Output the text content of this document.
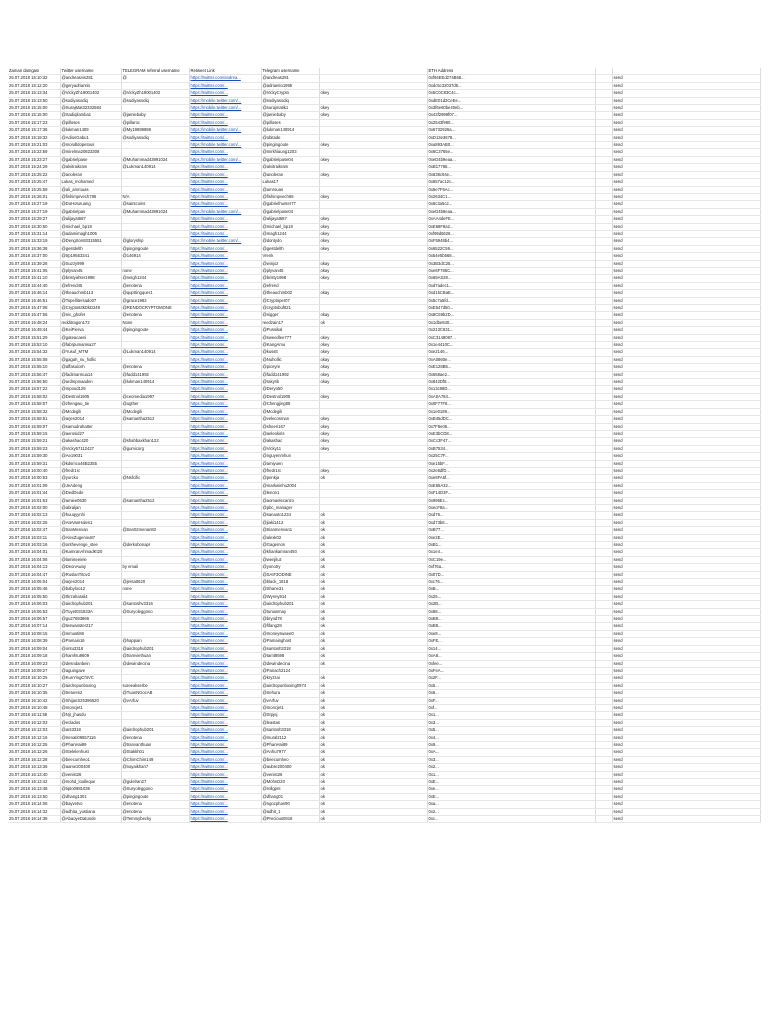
Zaman damgası	Twitter username	TELEGRAM referral username	Retweet Link	Telegram username		ETH Address		
25.07.2018 15:10:32	@andreasvis281	@	https://twitter.com/andrea...	@andreas281		0xf94EEd274B68...		send
25.07.2018 15:12:20	@geryadriantio		https://twitter.com/...	@adriantio1995		0xdc5c32037d5...		send
25.07.2018 15:13:34	@VickyZh19001402	@VickyZh19001402	https://twitter.com/...	@VickyCrypto	okey	0x5C0C83C4c...		send
25.07.2018 15:13:50	@sodiyasodiq	@sodiyasodiq	https://mobile.twitter.com/...	@sodiyasodiq		0xdE01d2CeEe...		send
25.07.2018 15:15:00	@SurajMat32332584		https://mobile.twitter.com/...	@surajmatik1	okey	0x3f6e60be40eb...		send
25.07.2018 15:15:00	@Sadiqilamba1	@jamiebaby	https://twitter.com/...	@jamiebaby	okey	0x43f2999f07...		send
25.07.2018 15:17:23	@pilloses	@pillaroc	https://twitter.com/...	@pilloses		0x2543f980...		send
25.07.2018 15:17:36	@lukman1409	@My19889898	https://mobile.twitter.com/...	@lukman140914		0x6732926a...		send
25.07.2018 15:19:32	@AdiosGabu1	@sodiyasodiq	https://twitter.com/...	@obitade		0xD13e3678...		send
25.07.2018 15:21:03	@mondldopetous		https://mobile.twitter.com/...	@pingingoute	okey	0xa893AB0...		send
25.07.2018 15:22:59	@mirelma20823308		https://twitter.com/...	@mirkhiaung1203		0x6C3765e...		send
25.07.2018 15:23:27	@gabrielpase	@Muhammad43991024	https://mobile.twitter.com/...	@gabrielpase04	okey	0xeD4b9eaa...		send
25.07.2018 15:24:29	@alvitraikram	@Lukman140914	https://twitter.com/...	@alvitraikram		0xB17785...		send
25.07.2018 15:25:22	@anoleran		https://twitter.com/...	@anoleran	okey	0x638c94e...		send
25.07.2018 15:25:47	Lukas_mohamed		https://twitter.com/...	Lukas17		0x657ac12c...		send
25.07.2018 15:25:59	@ali_amrouas		https://twitter.com/...	@amrouas		0x5e7F5Ac...		send
25.07.2018 15:26:01	@fishimprvech785	N/A	https://twitter.com/...	@fishimpvech65	okey	0x2634C1...		send
25.07.2018 15:27:19	@DuHoturuang	@saintcoins	https://twitter.com/...	@gabrielhunter77		0x6c3a5c2...		send
25.07.2018 15:27:19	@gabrielpas	@Muhammad43991024	https://mobile.twitter.com/...	@gabrielpase04		0xeD4b9eaa...		send
25.07.2018 15:29:27	@alijayat687		https://twitter.com/...	@alijayat687	okey	0xAA4deFE...		send
25.07.2018 15:30:50	@michael_bp18		https://twitter.com/...	@michael_bp18	okey	0xE68F8a2...		send
25.07.2018 15:31:14	@adamimagh1005		https://twitter.com/...	@magh1244	okey	0xf99d6626...		send
25.07.2018 15:33:19	@DengSon83315551	@gloryship	https://mobile.twitter.com/...	@dontydo	okey	0xF5948b4...		send
25.07.2018 15:36:38	@gestdelth	@pingingoute	https://twitter.com/...	@gestdelth	okey	0x6522C59...		send
25.07.2018 15:37:00	@trp19553341	@146914	https://twitter.com/...	Vrenk		0x54e5b568...		send
25.07.2018 15:39:26	@Suzzy999		https://twitter.com/...	@winjoz	okay	0x3B3dC25...		send
25.07.2018 15:41:05	@plyvan45	none	https://twitter.com/...	@plyvan45	okay	0xe6F785C...		send
25.07.2018 15:41:10	@bristyahter1998	@neigh1244	https://twitter.com/...	@bristy1998	okey	0x69AS28...		send
25.07.2018 15:44:40	@efrend45	@enotena	https://twitter.com/...	@efrend		0xd7adec1...		send
25.07.2018 15:46:14	@theauchmb113	@quprtingquer1	https://twitter.com/...	@theauchmb02	okay	0xd15CBaE...		send
25.07.2018 15:46:51	@Topellitersado07	@grace1982	https://twitter.com/...	@Cryptoper07		0x5c7a5fd...		send
25.07.2018 15:47:08	@Crypto63kDkD249	@RENDOCRYPTOMONE	https://twitter.com/...	@cryptobuf821		0xE547d50...		send
25.07.2018 15:47:56	@nic_ghofer	@enotena	https://twitter.com/...	@nigger	okay	0x8C59b2D...		send
25.07.2018 15:48:24	redditragon172	None	https://twitter.com/...	reedzain17	ok	0x1dbe840...		send
25.07.2018 15:49:44	@KeiPierva	@pingingoute	https://twitter.com/...	@Pussikal		0x213C631...		send
25.07.2018 15:51:29	@gateacaeni		https://twitter.com/...	@sweedlee777	okey	0xC3148087...		send
25.07.2018 15:53:10	@fabrpumamsa27		https://twitter.com/...	@KangAmu	okey	0x1e4410C...		send
25.07.2018 15:54:32	@Yusuf_MTM	@Lukman140914	https://twitter.com/...	@kusstt	okey	0xe2146...		send
25.07.2018 15:55:08	@gagah_nu_hollic		https://twitter.com/...	@Nuhollic	okay	0xA0860e...		send
25.07.2018 15:55:10	@affasuiceh	@enotena	https://twitter.com/...	@piceyre	okay	0xE128B5...		send
25.07.2018 15:56:47	@fadimarmua14	@fadd141992	https://twitter.com/...	@fadd141992	okey	0x658ae2...		send
25.07.2018 15:56:50	@ardmpmaaden	@lukman140914	https://twitter.com/...	@rakyrik	okay	0x842Df8...		send
25.07.2018 15:57:22	@mpood129		https://twitter.com/...	@Deryo50		0x13c98D...		send
25.07.2018 15:58:02	@Destnol1905	@ceomedia1997	https://twitter.com/...	@Destnol1905	okey	0xA0A784...		send
25.07.2018 15:58:07	@zhengwu_tie	@ugther	https://twitter.com/...	@Chengjing88		0x0F77F6...		send
25.07.2018 15:58:32	@Mcdegili	@Mcdegili	https://twitter.com/...	@Mcdegili		0x1e0189...		send
25.07.2018 15:58:51	@arjen2014	@samantha2512	https://twitter.com/...	@velecosman	okey	0xB45dDC...		send
25.07.2018 15:59:07	@samudrahatter		https://twitter.com/...	@sheeri167	okey	0x7F8e06...		send
25.07.2018 15:59:15	@aerosid27		https://twitter.com/...	@aeleokiris	okey	0xE3bCD8...		send
25.07.2018 15:59:21	@akashac420	@shahbaxkhan122	https://twitter.com/...	@akashac	okey	0xCc3F47...		send
25.07.2018 15:59:23	@Vicky57112427	@gumicorg	https://twitter.com/...	@Vicky11	okey	0xB7534...		send
25.07.2018 15:59:30	@Ae19031		https://twitter.com/...	@nguyenmhun		0x25C7F...		send
25.07.2018 15:59:31	@kdsmco46B2355		https://twitter.com/...	@amiyuen		0xe15bF...		send
25.07.2018 16:00:40	@fredr1rc		https://twitter.com/...	@fredr1rc	okey	0x2e8dfD...		send
25.07.2018 16:00:53	@yurcko	@Nsfcific	https://twitter.com/...	@penkja	ok	0xe8FA5f...		send
25.07.2018 16:01:09	@JeAdeng		https://twitter.com/...	@markwinhu2004		0xE65A32...		send
25.07.2018 16:01:44	@DedDede		https://twitter.com/...	@lenon1		0xF14D3F...		send
25.07.2018 16:01:53	@amiee0630	@samantha2512	https://twitter.com/...	@aomaelecarizo		0x996Ec...		send
25.07.2018 16:02:00	@abraljan		https://twitter.com/...	@pbc_manager		0xecF8a...		send
25.07.2018 16:02:13	@huuqyynhi		https://twitter.com/...	@sanaoto1234	ok	0xd76...		send
25.07.2018 16:02:25	@AteVanHalen1		https://twitter.com/...	@jiaki1412	ok	0xd73b6...		send
25.07.2018 16:02:47	@tranMenvan	@tran02menan82	https://twitter.com/...	@trianmenvan1	ok	0xB77...		send
25.07.2018 16:03:11	@AlexZugenou87		https://twitter.com/...	@alexk02	ok	0xe2E...		send
25.07.2018 16:03:16	@onthevenge_stee	@derkobonapr	https://twitter.com/...	@Gagemon	ok	0xB1...		send
25.07.2018 16:04:01	@KamranAhmadKt20		https://twitter.com/...	@khankamran493	ok	0x1e4...		send
25.07.2018 16:04:06	@lamiseeiele		https://twitter.com/...	@wenjiluz	ok	0xC19e...		send
25.07.2018 16:04:13	@DeonAway	by email	https://twitter.com/...	@yonotry	ok	0xf76a...		send
25.07.2018 16:04:47	@RuslanTitov2		https://twitter.com/...	@SAIF3ODINE	ok	0x07D...		send
25.07.2018 16:05:04	@arjen2014	@jenta0620	https://twitter.com/...	@black_1818	ok	0xc76...		send
25.07.2018 16:05:46	@babyloo12	none	https://twitter.com/...	@Shane31	ok	0xB...		send
25.07.2018 16:05:50	@thrzaharali4		https://twitter.com/...	@Wynny914	ok	0x25...		send
25.07.2018 16:06:03	@airdrophub201	@santoshv3316	https://twitter.com/...	@airdrophub201	ok	0x2B...		send
25.07.2018 16:06:53	@Tuyet031833A	@Suryoleggono	https://twitter.com/...	@tunianmay	ok	0x88...		send
25.07.2018 16:06:57	@gu27693866		https://twitter.com/...	@bryod78	ok	0xB8...		send
25.07.2018 16:07:14	@teswanster217		https://twitter.com/...	@fifang28	ok	0xB8...		send
25.07.2018 16:08:15	@mmusti86		https://twitter.com/...	@moneyswaee0	ok	0xe8...		send
25.07.2018 16:08:39	@Pamain16	@happain	https://twitter.com/...	@Pamainghost	ok	0xFE...		send
25.07.2018 16:09:04	@ontu3318	@airdrophub201	https://twitter.com/...	@santosh3318	ok	0x14...		send
25.07.2018 16:09:18	@hamhtu9609	@tramviethuan	https://twitter.com/...	@tamt8598	ok	0xA8...		send
25.07.2018 16:09:23	@desndanbein	@dewindecina	https://twitter.com/...	@dewindecina	ok	0xfee...		send
25.07.2018 16:09:27	@aguingave		https://twitter.com/...	@Panach2124		0xFeA...		send
25.07.2018 16:10:25	@KunYingChtVC		https://twitter.com/...	@kryzzai	ok	0x2F...		send
25.07.2018 16:10:27	@airdropunboxing	sureeakserbe	https://twitter.com/...	@airdropunboxing0974	ok	0x5...		send
25.07.2018 16:10:35	@tretures2	@TuanNGocAB	https://twitter.com/...	@Irehura	ok	0x6...		send
25.07.2018 16:10:42	@ShijanS25396520	@vArfuv	https://twitter.com/...	@vArfuv	ok	0xF...		send
25.07.2018 16:10:48	@moncjet1		https://twitter.com/...	@moncjet1	ok	0xf...		send
25.07.2018 16:11:58	@Njr_jhasdu		https://twitter.com/...	@Srpjej	ok	0x1...		send
25.07.2018 16:12:03	@eclados		https://twitter.com/...	@leastas	ok	0x3...		send
25.07.2018 16:12:03	@ant3318	@airdrophub201	https://twitter.com/...	@santosh3318	ok	0x5...		send
25.07.2018 16:12:16	@Irenati09657116	@enotena	https://twitter.com/...	@mural2112	ok	0x4...		send
25.07.2018 16:12:25	@PhanHai89	@tranvanthuan	https://twitter.com/...	@PhanHai89	ok	0x9...		send
25.07.2018 16:12:26	@Stelelenhust	@Stakkh01	https://twitter.com/...	@Anhu7977	ok	0xA...		send
25.07.2018 16:12:28	@beecumheo1	@ChimChim149	https://twitter.com/...	@beecumheo	ok	0x3...		send
25.07.2018 16:13:36	@aame200400	@nayaikhan7	https://twitter.com/...	@aubre200400	ok	0x2...		send
25.07.2018 16:13:40	@venist26		https://twitter.com/...	@venist26	ok	0x1...		send
25.07.2018 16:13:42	@mohd_loulleque	@gulelran27	https://twitter.com/...	@MohnD20	ok	0xE...		send
25.07.2018 16:13:48	@tipto0981036	@Suryoleggono	https://twitter.com/...	@rollgpnt	ok	0xe...		send
25.07.2018 16:13:50	@dhang1301	@pingingoute	https://twitter.com/...	@dhang01	ok	0xE...		send
25.07.2018 16:14:06	@bayvetvo	@enotena	https://twitter.com/...	@ngocphan90	ok	0xa...		send
25.07.2018 16:14:32	@adhita_yustiana	@enotena	https://twitter.com/...	@adhit_1	ok	0x2...		send
25.07.2018 16:14:38	@AbaoyeDatunde	@Temmybecky	https://twitter.com/...	@Precious0818	ok	0xc...		send
